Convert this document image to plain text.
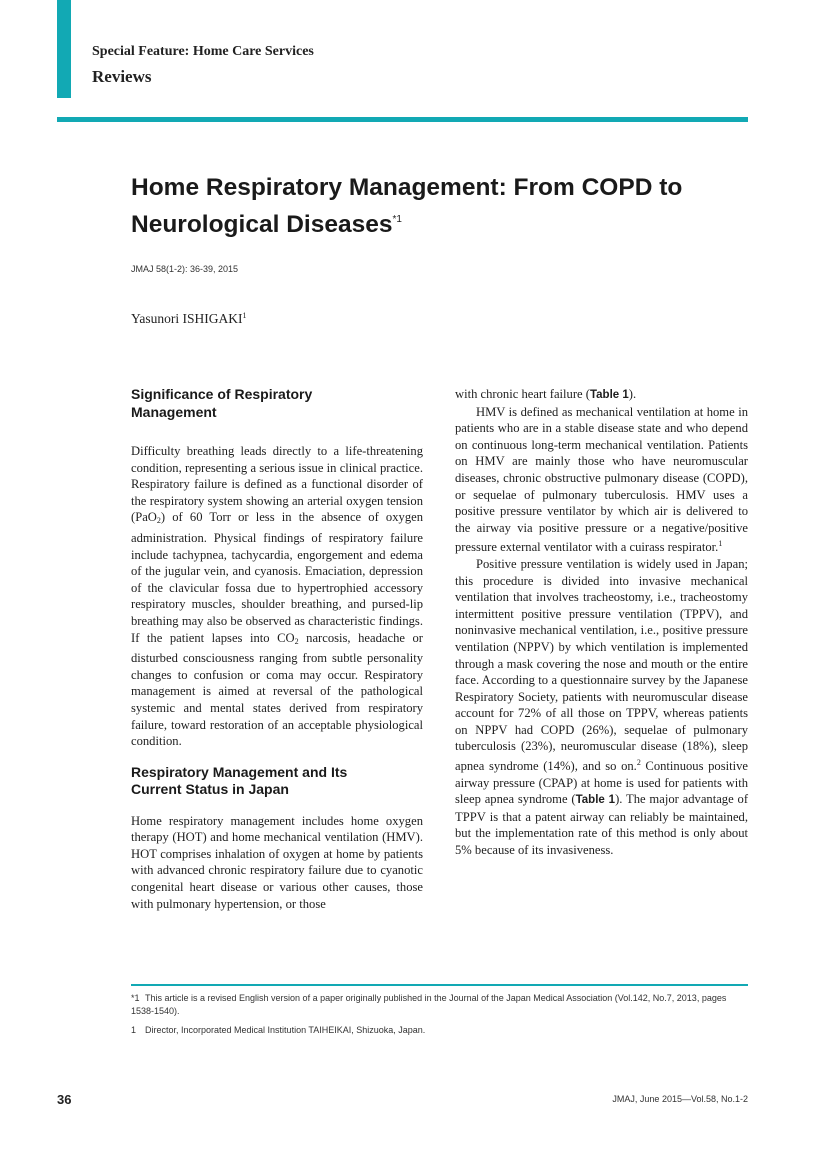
Special Feature: Home Care Services
Reviews
Home Respiratory Management: From COPD to
Neurological Diseases$^{*1}$
JMAJ 58(1-2): 36-39, 2015
Yasunori ISHIGAKI$^1$
Significance of Respiratory
Management

Difficulty breathing leads directly to a life-threatening condition, representing a serious issue in clinical practice. Respiratory failure is defined as a functional disorder of the respiratory system showing an arterial oxygen tension (PaO$_2$) of 60 Torr or less in the absence of oxygen administration. Physical findings of respiratory failure include tachypnea, tachycardia, engorgement and edema of the jugular vein, and cyanosis. Emaciation, depression of the clavicular fossa due to hypertrophied accessory respiratory muscles, shoulder breathing, and pursed-lip breathing may also be observed as characteristic findings. If the patient lapses into $CO_2$ narcosis, headache or disturbed consciousness ranging from subtle personality changes to confusion or coma may occur. Respiratory management is aimed at reversal of the pathological systemic and mental states derived from respiratory failure, toward restoration of an acceptable physiological condition.

Respiratory Management and Its
Current Status in Japan

Home respiratory management includes home oxygen therapy (HOT) and home mechanical ventilation (HMV). HOT comprises inhalation of oxygen at home by patients with advanced chronic respiratory failure due to cyanotic congenital heart disease or various other causes, those with pulmonary hypertension, or those

with chronic heart failure (Table 1).

HMV is defined as mechanical ventilation at home in patients who are in a stable disease state and who depend on continuous long-term mechanical ventilation. Patients on HMV are mainly those who have neuromuscular diseases, chronic obstructive pulmonary disease (COPD), or sequelae of pulmonary tuberculosis. HMV uses a positive pressure ventilator by which air is delivered to the airway via positive pressure or a negative/positive pressure external ventilator with a cuirass respirator.$^1$

Positive pressure ventilation is widely used in Japan; this procedure is divided into invasive mechanical ventilation that involves tracheostomy, i.e., tracheostomy intermittent positive pressure ventilation (TPPV), and noninvasive mechanical ventilation, i.e., positive pressure ventilation (NPPV) by which ventilation is implemented through a mask covering the nose and mouth or the entire face. According to a questionnaire survey by the Japanese Respiratory Society, patients with neuromuscular disease account for 72% of all those on TPPV, whereas patients on NPPV had COPD (26%), sequelae of pulmonary tuberculosis (23%), neuromuscular disease (18%), sleep apnea syndrome (14%), and so on.$^2$ Continuous positive airway pressure (CPAP) at home is used for patients with sleep apnea syndrome (Table 1). The major advantage of TPPV is that a patent airway can reliably be maintained, but the implementation rate of this method is only about 5% because of its invasiveness.

*1 This article is a revised English version of a paper originally published in the Journal of the Japan Medical Association (Vol.142, No.7, 2013, pages 1538-1540).
1 Director, Incorporated Medical Institution TAIHEIKAI, Shizuoka, Japan.
36	JMAJ, June 2015—Vol.58, No.1-2
